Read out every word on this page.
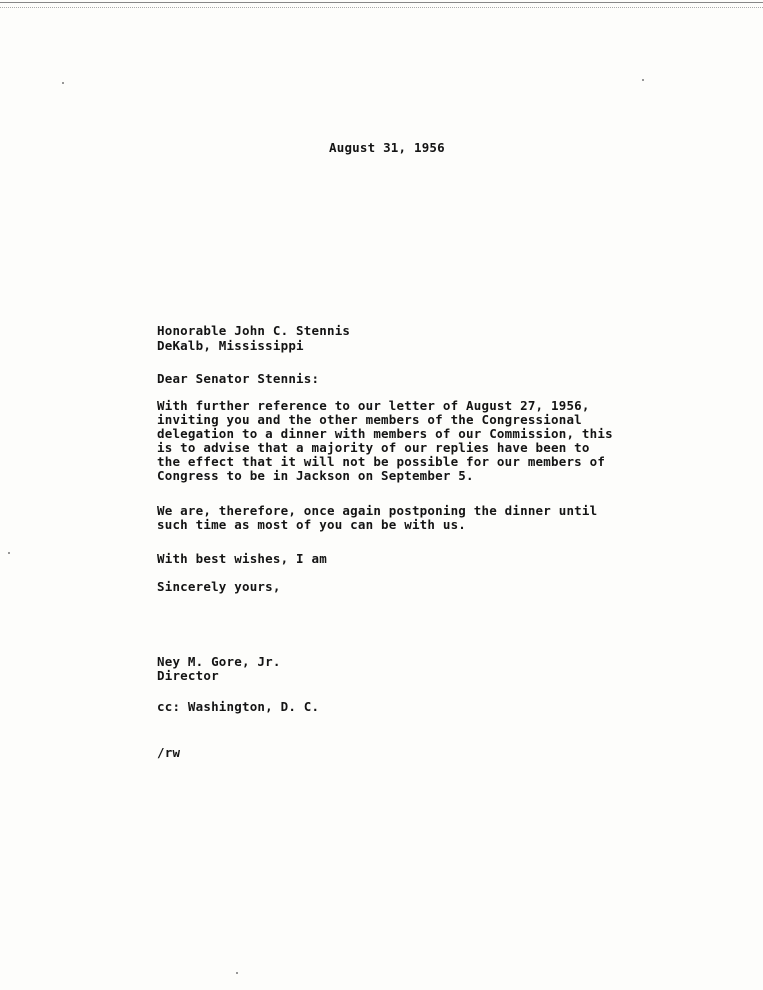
August 31, 1956
Honorable John C. Stennis
DeKalb, Mississippi
Dear Senator Stennis:
With further reference to our letter of August 27, 1956,
inviting you and the other members of the Congressional
delegation to a dinner with members of our Commission, this
is to advise that a majority of our replies have been to
the effect that it will not be possible for our members of
Congress to be in Jackson on September 5.
We are, therefore, once again postponing the dinner until
such time as most of you can be with us.
With best wishes, I am
Sincerely yours,
Ney M. Gore, Jr.
Director
cc: Washington, D. C.
/rw
